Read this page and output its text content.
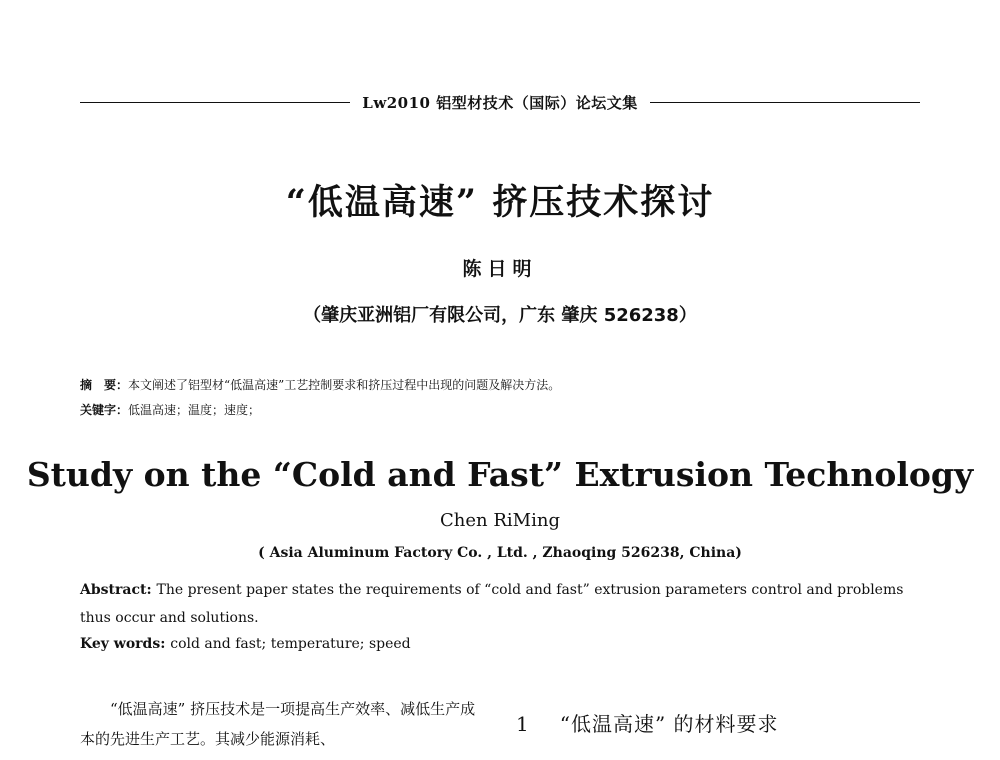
Lw2010 铝型材技术（国际）论坛文集
“低温高速” 挤压技术探讨
陈日明
（肇庆亚洲铝厂有限公司，广东 肇庆 526238）
摘　要：本文阐述了铝型材“低温高速”工艺控制要求和挤压过程中出现的问题及解决方法。
关键字：低温高速；温度；速度；
Study on the “Cold and Fast” Extrusion Technology
Chen RiMing
( Asia Aluminum Factory Co. , Ltd. , Zhaoqing 526238, China)
Abstract: The present paper states the requirements of “cold and fast” extrusion parameters control and problems thus occur and solutions.
Key words: cold and fast; temperature; speed

“低温高速” 挤压技术是一项提高生产效率、减低生产成本的先进生产工艺。其减少能源消耗、

1 “低温高速” 的材料要求
